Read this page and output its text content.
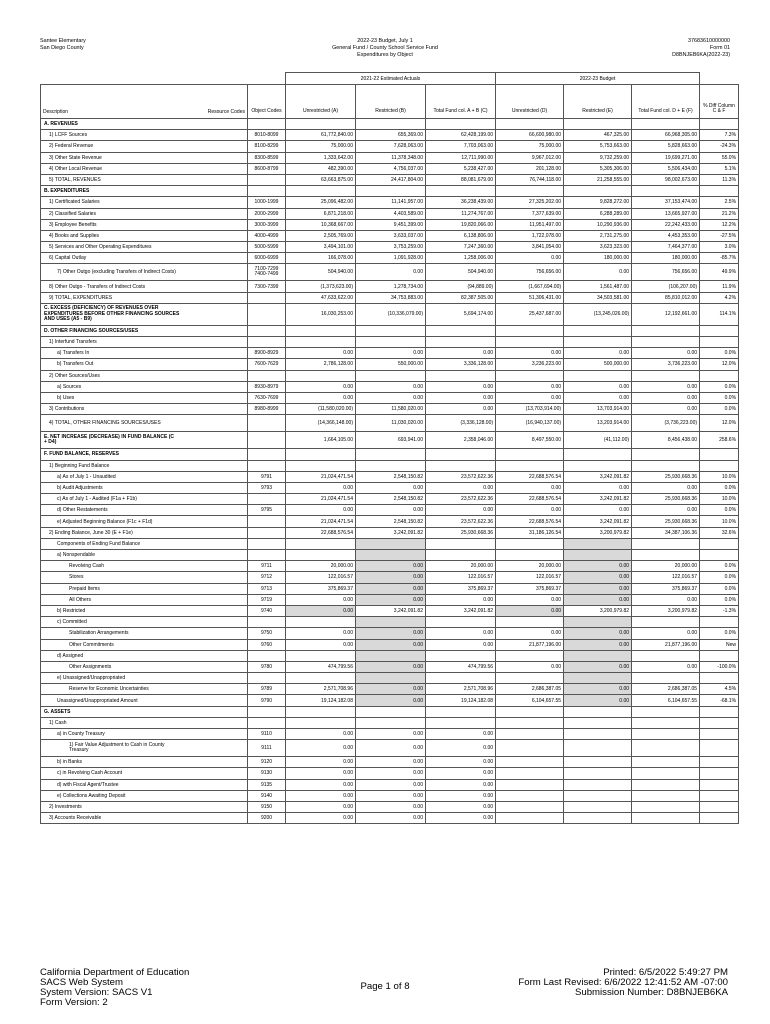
Santee Elementary
San Diego County
2022-23 Budget, July 1
General Fund / County School Service Fund
Expenditures by Object
37683610000000
Form 01
D8BNJEB6KA(2022-23)
			2021-22 Estimated Actuals			2022-23 Budget			
Description	Resource Codes	Object Codes	Unrestricted (A)	Restricted (B)	Total Fund col. A + B (C)	Unrestricted (D)	Restricted (E)	Total Fund col. D + E (F)	% Diff Column C & F
A. REVENUES									
1) LCFF Sources		8010-8099	61,772,840.00	655,369.00	62,428,199.00	66,600,980.00	467,325.00	66,968,305.00	7.3%
2) Federal Revenue		8100-8299	75,000.00	7,628,063.00	7,703,063.00	75,000.00	5,753,663.00	5,828,663.00	-24.3%
3) Other State Revenue		8300-8599	1,333,642.00	11,378,348.00	12,711,990.00	9,967,012.00	9,732,259.00	19,699,271.00	55.0%
4) Other Local Revenue		8600-8799	482,390.00	4,756,037.00	5,238,427.00	201,128.00	5,305,306.00	5,506,434.00	5.1%
5) TOTAL, REVENUES			63,663,875.00	24,417,804.00	88,081,679.00	76,744,118.00	21,258,555.00	98,002,673.00	11.3%
B. EXPENDITURES									
1) Certificated Salaries		1000-1999	25,096,482.00	11,141,957.00	36,238,439.00	27,325,202.00	9,828,272.00	37,153,474.00	2.5%
2) Classified Salaries		2000-2999	6,871,218.00	4,403,589.00	11,274,767.00	7,377,639.00	6,288,289.00	13,665,927.00	21.2%
3) Employee Benefits		3000-3999	10,368,667.00	9,451,399.00	19,820,066.00	11,951,497.00	10,290,936.00	22,242,433.00	12.2%
4) Books and Supplies		4000-4999	2,505,769.00	3,633,037.00	6,138,806.00	1,722,078.00	2,731,275.00	4,453,353.00	-27.5%
5) Services and Other Operating Expenditures		5000-5999	3,494,101.00	3,753,259.00	7,247,360.00	3,841,054.00	3,623,323.00	7,464,377.00	3.0%
6) Capital Outlay		6000-6999	166,078.00	1,091,928.00	1,258,006.00	0.00	180,000.00	180,000.00	-85.7%
7) Other Outgo (excluding Transfers of Indirect Costs)		7100-7299 7400-7499	504,940.00	0.00	504,940.00	756,656.00	0.00	756,656.00	49.9%
8) Other Outgo - Transfers of Indirect Costs		7300-7399	(1,373,623.00)	1,278,734.00	(94,889.00)	(1,667,694.00)	1,561,487.00	(106,207.00)	11.9%
9) TOTAL, EXPENDITURES			47,633,622.00	34,753,883.00	82,387,505.00	51,306,431.00	34,503,581.00	85,810,012.00	4.2%
C. EXCESS (DEFICIENCY) OF REVENUES OVER EXPENDITURES BEFORE OTHER FINANCING SOURCES AND USES (A5 - B9)			16,030,253.00	(10,336,079.00)	5,694,174.00	25,437,687.00	(13,245,026.00)	12,192,661.00	114.1%
D. OTHER FINANCING SOURCES/USES									
1) Interfund Transfers									
a) Transfers In		8900-8929	0.00	0.00	0.00	0.00	0.00	0.00	0.0%
b) Transfers Out		7600-7629	2,786,128.00	550,000.00	3,336,128.00	3,236,223.00	500,000.00	3,736,223.00	12.0%
2) Other Sources/Uses									
a) Sources		8930-8979	0.00	0.00	0.00	0.00	0.00	0.00	0.0%
b) Uses		7630-7699	0.00	0.00	0.00	0.00	0.00	0.00	0.0%
3) Contributions		8980-8999	(11,580,020.00)	11,580,020.00	0.00	(13,703,914.00)	13,703,914.00	0.00	0.0%
4) TOTAL, OTHER FINANCING SOURCES/USES			(14,366,148.00)	11,030,020.00	(3,336,128.00)	(16,940,137.00)	13,203,914.00	(3,736,223.00)	12.0%
E. NET INCREASE (DECREASE) IN FUND BALANCE (C + D4)			1,664,105.00	693,941.00	2,358,046.00	8,497,550.00	(41,112.00)	8,456,438.00	258.6%
F. FUND BALANCE, RESERVES									
1) Beginning Fund Balance									
a) As of July 1 - Unaudited		9791	21,024,471.54	2,548,150.82	23,572,622.36	22,688,576.54	3,242,091.82	25,930,668.36	10.0%
b) Audit Adjustments		9793	0.00	0.00	0.00	0.00	0.00	0.00	0.0%
c) As of July 1 - Audited (F1a + F1b)			21,024,471.54	2,548,150.82	23,572,622.36	22,688,576.54	3,242,091.82	25,930,668.36	10.0%
d) Other Restatements		9795	0.00	0.00	0.00	0.00	0.00	0.00	0.0%
e) Adjusted Beginning Balance (F1c + F1d)			21,024,471.54	2,548,150.82	23,572,622.36	22,688,576.54	3,242,091.82	25,930,668.36	10.0%
2) Ending Balance, June 30 (E + F1e)			22,688,576.54	3,242,091.82	25,930,668.36	31,186,126.54	3,200,979.82	34,387,106.36	32.6%
Components of Ending Fund Balance									
a) Nonspendable									
Revolving Cash		9711	20,000.00	0.00	20,000.00	20,000.00	0.00	20,000.00	0.0%
Stores		9712	122,016.57	0.00	122,016.57	122,016.57	0.00	122,016.57	0.0%
Prepaid Items		9713	375,869.37	0.00	375,869.37	375,869.37	0.00	375,869.37	0.0%
All Others		9719	0.00	0.00	0.00	0.00	0.00	0.00	0.0%
b) Restricted		9740	0.00	3,242,091.82	3,242,091.82	0.00	3,200,979.82	3,200,979.82	-1.3%
c) Committed									
Stabilization Arrangements		9750	0.00	0.00	0.00	0.00	0.00	0.00	0.0%
Other Commitments		9760	0.00	0.00	0.00	21,877,196.00	0.00	21,877,196.00	New
d) Assigned									
Other Assignments		9780	474,799.56	0.00	474,799.56	0.00	0.00	0.00	-100.0%
e) Unassigned/Unappropriated									
Reserve for Economic Uncertainties		9789	2,571,708.96	0.00	2,571,708.96	2,686,387.05	0.00	2,686,387.05	4.5%
Unassigned/Unappropriated Amount		9790	19,124,182.08	0.00	19,124,182.08	6,104,657.55	0.00	6,104,657.55	-68.1%
G. ASSETS									
1) Cash									
a) in County Treasury		9110	0.00	0.00	0.00				
1) Fair Value Adjustment to Cash in County Treasury		9111	0.00	0.00	0.00				
b) in Banks		9120	0.00	0.00	0.00				
c) in Revolving Cash Account		9130	0.00	0.00	0.00				
d) with Fiscal Agent/Trustee		9135	0.00	0.00	0.00				
e) Collections Awaiting Deposit		9140	0.00	0.00	0.00				
2) Investments		9150	0.00	0.00	0.00				
3) Accounts Receivable		9200	0.00	0.00	0.00				
California Department of Education
SACS Web System
System Version: SACS V1
Form Version: 2
Page 1 of 8
Printed: 6/5/2022 5:49:27 PM
Form Last Revised: 6/6/2022 12:41:52 AM -07:00
Submission Number: D8BNJEB6KA
